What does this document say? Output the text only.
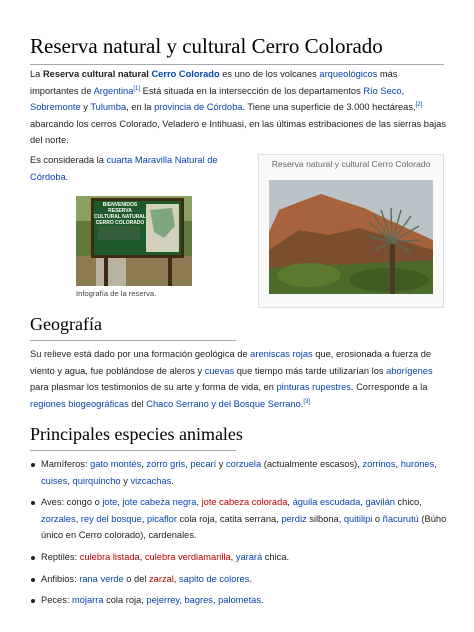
Reserva natural y cultural Cerro Colorado
La Reserva cultural natural Cerro Colorado es uno de los volcanes arqueológicos más
importantes de Argentina[1] Está situada en la intersección de los departamentos Río Seco,
Sobremonte y Tulumba, en la provincia de Córdoba. Tiene una superficie de 3.000 hectáreas,[2]
abarcando los cerros Colorado, Veladero e Intihuasi, en las últimas estribaciones de las sierras bajas
del norte.
Es considerada la cuarta Maravilla Natural de
Córdoba.
BIENVENIDOS
RESERVA
CULTURAL NATURAL
CERRO COLORADO
Infografía de la reserva.
Reserva natural y cultural Cerro Colorado
Geografía
Su relieve está dado por una formación geológica de areniscas rojas que, erosionada a fuerza de
viento y agua, fue poblándose de aleros y cuevas que tiempo más tarde utilizarían los aborígenes
para plasmar los testimonios de su arte y forma de vida, en pinturas rupestres. Corresponde a la
regiones biogeográficas del Chaco Serrano y del Bosque Serrano.[3]
Principales especies animales
Mamíferos: gato montés, zorro gris, pecarí y corzuela (actualmente escasos), zorrinos, hurones,
cuises, quirquincho y vizcachas.
Aves: congo o jote, jote cabeza negra, jote cabeza colorada, águila escudada, gavilán chico,
zorzales, rey del bosque, picaflor cola roja, catita serrana, perdiz silbona, quitilipi o ñacurutú (Búho
único en Cerro colorado), cardenales.
Reptiles: culebra listada, culebra verdiamarilla, yarará chica.
Anfibios: rana verde o del zarzal, sapito de colores.
Peces: mojarra cola roja, pejerrey, bagres, palometas.
